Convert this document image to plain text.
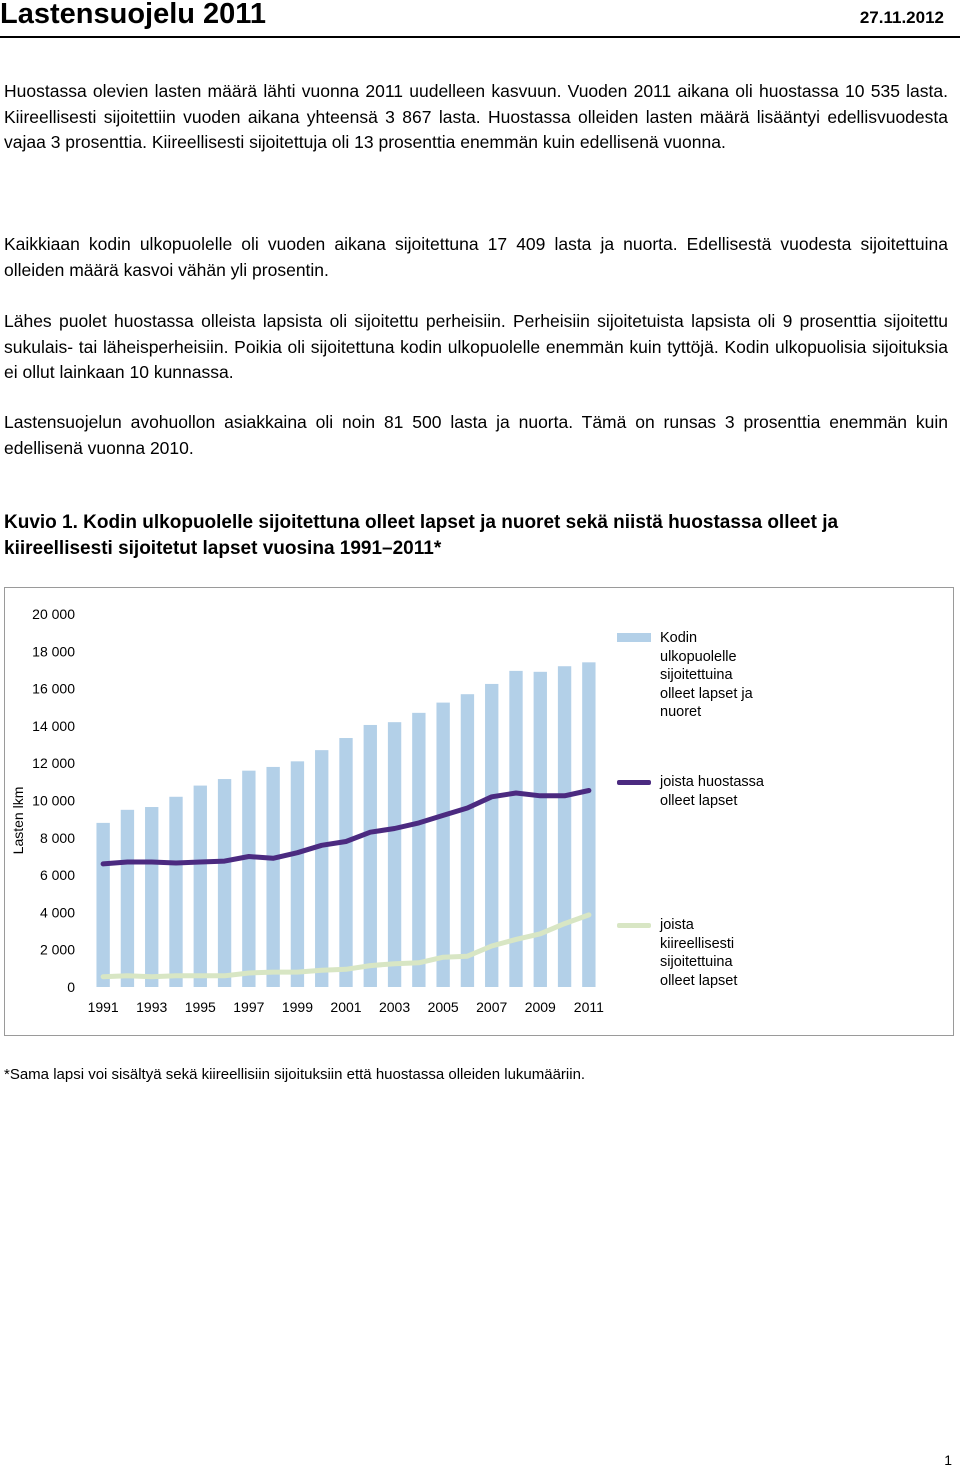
Lastensuojelu 2011	27.11.2012

Huostassa olevien lasten määrä lähti vuonna 2011 uudelleen kasvuun. Vuoden 2011 aikana oli huostassa 10 535 lasta. Kiireellisesti sijoitettiin vuoden aikana yhteensä 3 867 lasta. Huostassa olleiden lasten määrä lisääntyi edellisvuodesta vajaa 3 prosenttia. Kiireellisesti sijoitettuja oli 13 prosenttia enemmän kuin edellisenä vuonna.

Kaikkiaan kodin ulkopuolelle oli vuoden aikana sijoitettuna 17 409 lasta ja nuorta. Edellisestä vuodesta sijoitettuina olleiden määrä kasvoi vähän yli prosentin.

Lähes puolet huostassa olleista lapsista oli sijoitettu perheisiin. Perheisiin sijoitetuista lapsista oli 9 prosenttia sijoitettu sukulais- tai läheisperheisiin. Poikia oli sijoitettuna kodin ulkopuolelle enemmän kuin tyttöjä. Kodin ulkopuolisia sijoituksia ei ollut lainkaan 10 kunnassa.

Lastensuojelun avohuollon asiakkaina oli noin 81 500 lasta ja nuorta. Tämä on runsas 3 prosenttia enemmän kuin edellisenä vuonna 2010.

Kuvio 1. Kodin ulkopuolelle sijoitettuna olleet lapset ja nuoret sekä niistä huostassa olleet ja kiireellisesti sijoitetut lapset vuosina 1991–2011*
0
2 000
4 000
6 000
8 000
10 000
12 000
14 000
16 000
18 000
20 000
Lasten lkm
1991 1993 1995 1997 1999 2001 2003 2005 2007 2009 2011
Kodin ulkopuolelle sijoitettuina olleet lapset ja nuoret
joista huostassa olleet lapset
joista kiireellisesti sijoitettuina olleet lapset
*Sama lapsi voi sisältyä sekä kiireellisiin sijoituksiin että huostassa olleiden lukumääriin.
1
